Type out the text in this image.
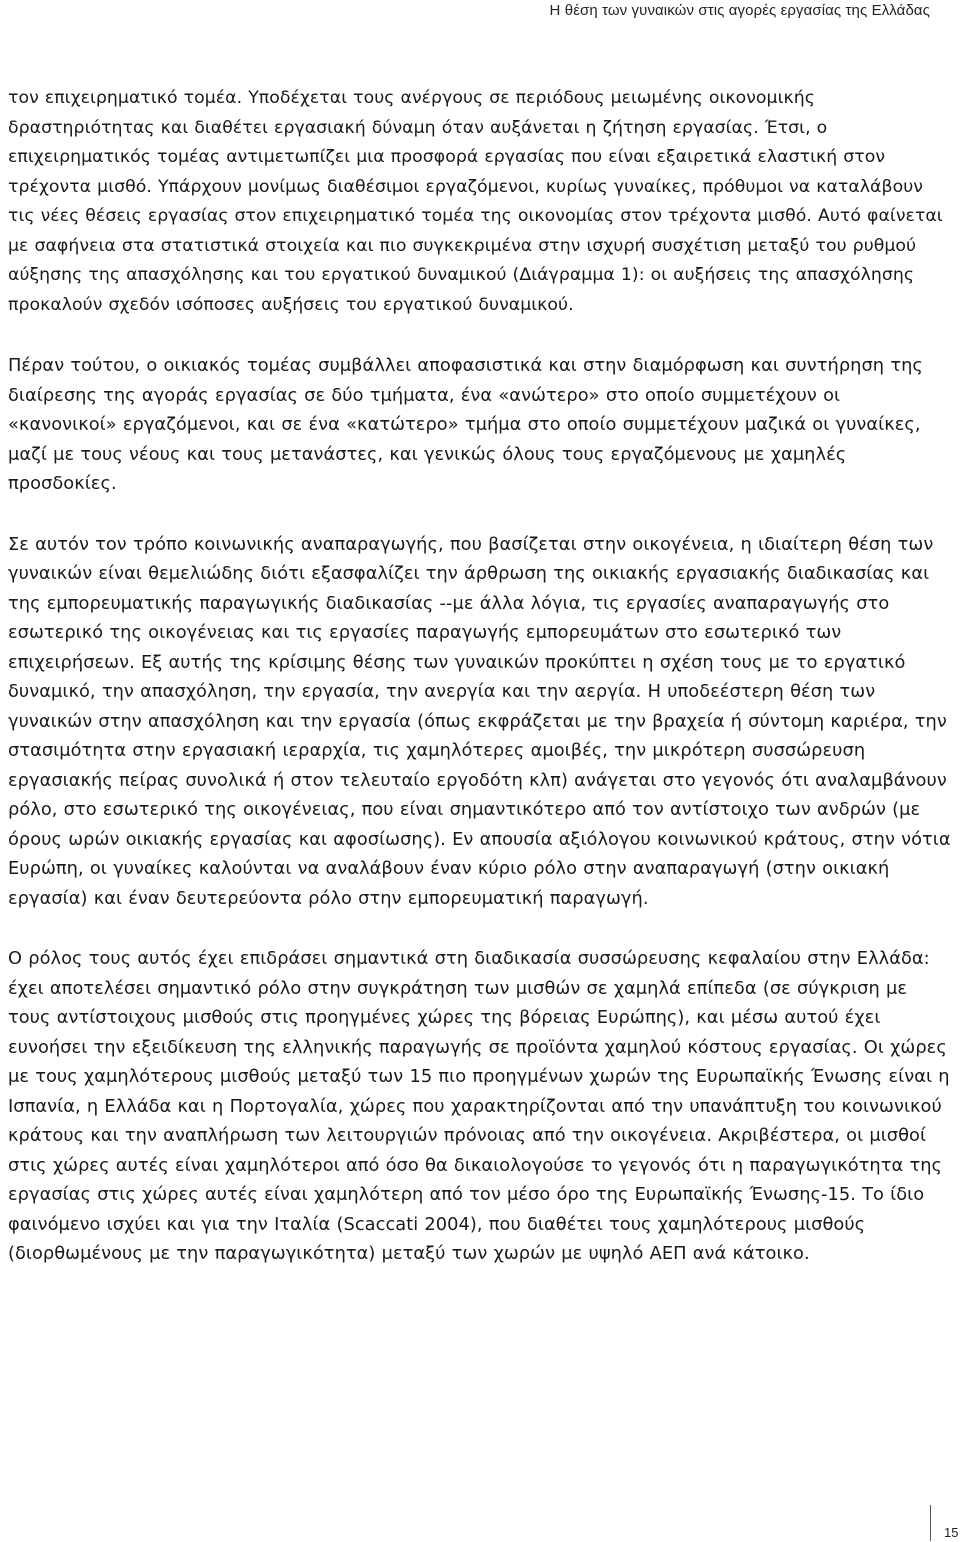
Η θέση των γυναικών στις αγορές εργασίας της Ελλάδας

τον επιχειρηματικό τομέα. Υποδέχεται τους ανέργους σε περιόδους μειωμένης οικονομικής δραστηριότητας και διαθέτει εργασιακή δύναμη όταν αυξάνεται η ζήτηση εργασίας. Έτσι, ο επιχειρηματικός τομέας αντιμετωπίζει μια προσφορά εργασίας που είναι εξαιρετικά ελαστική στον τρέχοντα μισθό. Υπάρχουν μονίμως διαθέσιμοι εργαζόμενοι, κυρίως γυναίκες, πρόθυμοι να καταλάβουν τις νέες θέσεις εργασίας στον επιχειρηματικό τομέα της οικονομίας στον τρέχοντα μισθό. Αυτό φαίνεται με σαφήνεια στα στατιστικά στοιχεία και πιο συγκεκριμένα στην ισχυρή συσχέτιση μεταξύ του ρυθμού αύξησης της απασχόλησης και του εργατικού δυναμικού (Διάγραμμα 1): οι αυξήσεις της απασχόλησης προκαλούν σχεδόν ισόποσες αυξήσεις του εργατικού δυναμικού.

Πέραν τούτου, ο οικιακός τομέας συμβάλλει αποφασιστικά και στην διαμόρφωση και συντήρηση της διαίρεσης της αγοράς εργασίας σε δύο τμήματα, ένα «ανώτερο» στο οποίο συμμετέχουν οι «κανονικοί» εργαζόμενοι, και σε ένα «κατώτερο» τμήμα στο οποίο συμμετέχουν μαζικά οι γυναίκες, μαζί με τους νέους και τους μετανάστες, και γενικώς όλους τους εργαζόμενους με χαμηλές προσδοκίες.

Σε αυτόν τον τρόπο κοινωνικής αναπαραγωγής, που βασίζεται στην οικογένεια, η ιδιαίτερη θέση των γυναικών είναι θεμελιώδης διότι εξασφαλίζει την άρθρωση της οικιακής εργασιακής διαδικασίας και της εμπορευματικής παραγωγικής διαδικασίας --με άλλα λόγια, τις εργασίες αναπαραγωγής στο εσωτερικό της οικογένειας και τις εργασίες παραγωγής εμπορευμάτων στο εσωτερικό των επιχειρήσεων. Εξ αυτής της κρίσιμης θέσης των γυναικών προκύπτει η σχέση τους με το εργατικό δυναμικό, την απασχόληση, την εργασία, την ανεργία και την αεργία. Η υποδεέστερη θέση των γυναικών στην απασχόληση και την εργασία (όπως εκφράζεται με την βραχεία ή σύντομη καριέρα, την στασιμότητα στην εργασιακή ιεραρχία, τις χαμηλότερες αμοιβές, την μικρότερη συσσώρευση εργασιακής πείρας συνολικά ή στον τελευταίο εργοδότη κλπ) ανάγεται στο γεγονός ότι αναλαμβάνουν ρόλο, στο εσωτερικό της οικογένειας, που είναι σημαντικότερο από τον αντίστοιχο των ανδρών (με όρους ωρών οικιακής εργασίας και αφοσίωσης). Εν απουσία αξιόλογου κοινωνικού κράτους, στην νότια Ευρώπη, οι γυναίκες καλούνται να αναλάβουν έναν κύριο ρόλο στην αναπαραγωγή (στην οικιακή εργασία) και έναν δευτερεύοντα ρόλο στην εμπορευματική παραγωγή.

Ο ρόλος τους αυτός έχει επιδράσει σημαντικά στη διαδικασία συσσώρευσης κεφαλαίου στην Ελλάδα: έχει αποτελέσει σημαντικό ρόλο στην συγκράτηση των μισθών σε χαμηλά επίπεδα (σε σύγκριση με τους αντίστοιχους μισθούς στις προηγμένες χώρες της βόρειας Ευρώπης), και μέσω αυτού έχει ευνοήσει την εξειδίκευση της ελληνικής παραγωγής σε προϊόντα χαμηλού κόστους εργασίας. Οι χώρες με τους χαμηλότερους μισθούς μεταξύ των 15 πιο προηγμένων χωρών της Ευρωπαϊκής Ένωσης είναι η Ισπανία, η Ελλάδα και η Πορτογαλία, χώρες που χαρακτηρίζονται από την υπανάπτυξη του κοινωνικού κράτους και την αναπλήρωση των λειτουργιών πρόνοιας από την οικογένεια. Ακριβέστερα, οι μισθοί στις χώρες αυτές είναι χαμηλότεροι από όσο θα δικαιολογούσε το γεγονός ότι η παραγωγικότητα της εργασίας στις χώρες αυτές είναι χαμηλότερη από τον μέσο όρο της Ευρωπαϊκής Ένωσης-15. Το ίδιο φαινόμενο ισχύει και για την Ιταλία (Scaccati 2004), που διαθέτει τους χαμηλότερους μισθούς (διορθωμένους με την παραγωγικότητα) μεταξύ των χωρών με υψηλό ΑΕΠ ανά κάτοικο.

15
